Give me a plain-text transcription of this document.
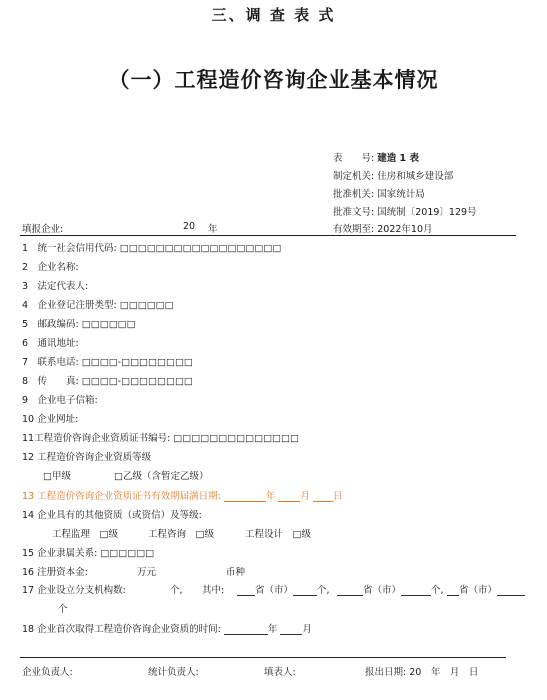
三、调 查 表 式
（一）工程造价咨询企业基本情况
表　　号: 建造 1 表
制定机关: 住房和城乡建设部
批准机关: 国家统计局
批准文号: 国统制〔2019〕129号
有效期至: 2022年10月
填报企业:	20 年
1　统一社会信用代码: □□□□□□□□□□□□□□□□□□
2　企业名称:
3　法定代表人:
4　企业登记注册类型: □□□□□□
5　邮政编码: □□□□□□
6　通讯地址:
7　联系电话: □□□□-□□□□□□□□
8　传　　真: □□□□-□□□□□□□□
9　企业电子信箱:
10 企业网址:
11工程造价咨询企业资质证书编号: □□□□□□□□□□□□□□
12 工程造价咨询企业资质等级
□甲级	□乙级（含暂定乙级）
13 工程造价咨询企业资质证书有效期届满日期:	年	月 日
14 企业具有的其他资质（或资信）及等级:
工程监理　□级	工程咨询　□级	工程设计　□级
15 企业隶属关系: □□□□□□
16 注册资本金:	万元	币种
17 企业设立分支机构数:	个, 其中:	省（市）	个,	省（市）	个,	省（市）
个
18 企业首次取得工程造价咨询企业资质的时间:	年	月
企业负责人:	统计负责人:	填表人:	报出日期: 20　年　月　日
